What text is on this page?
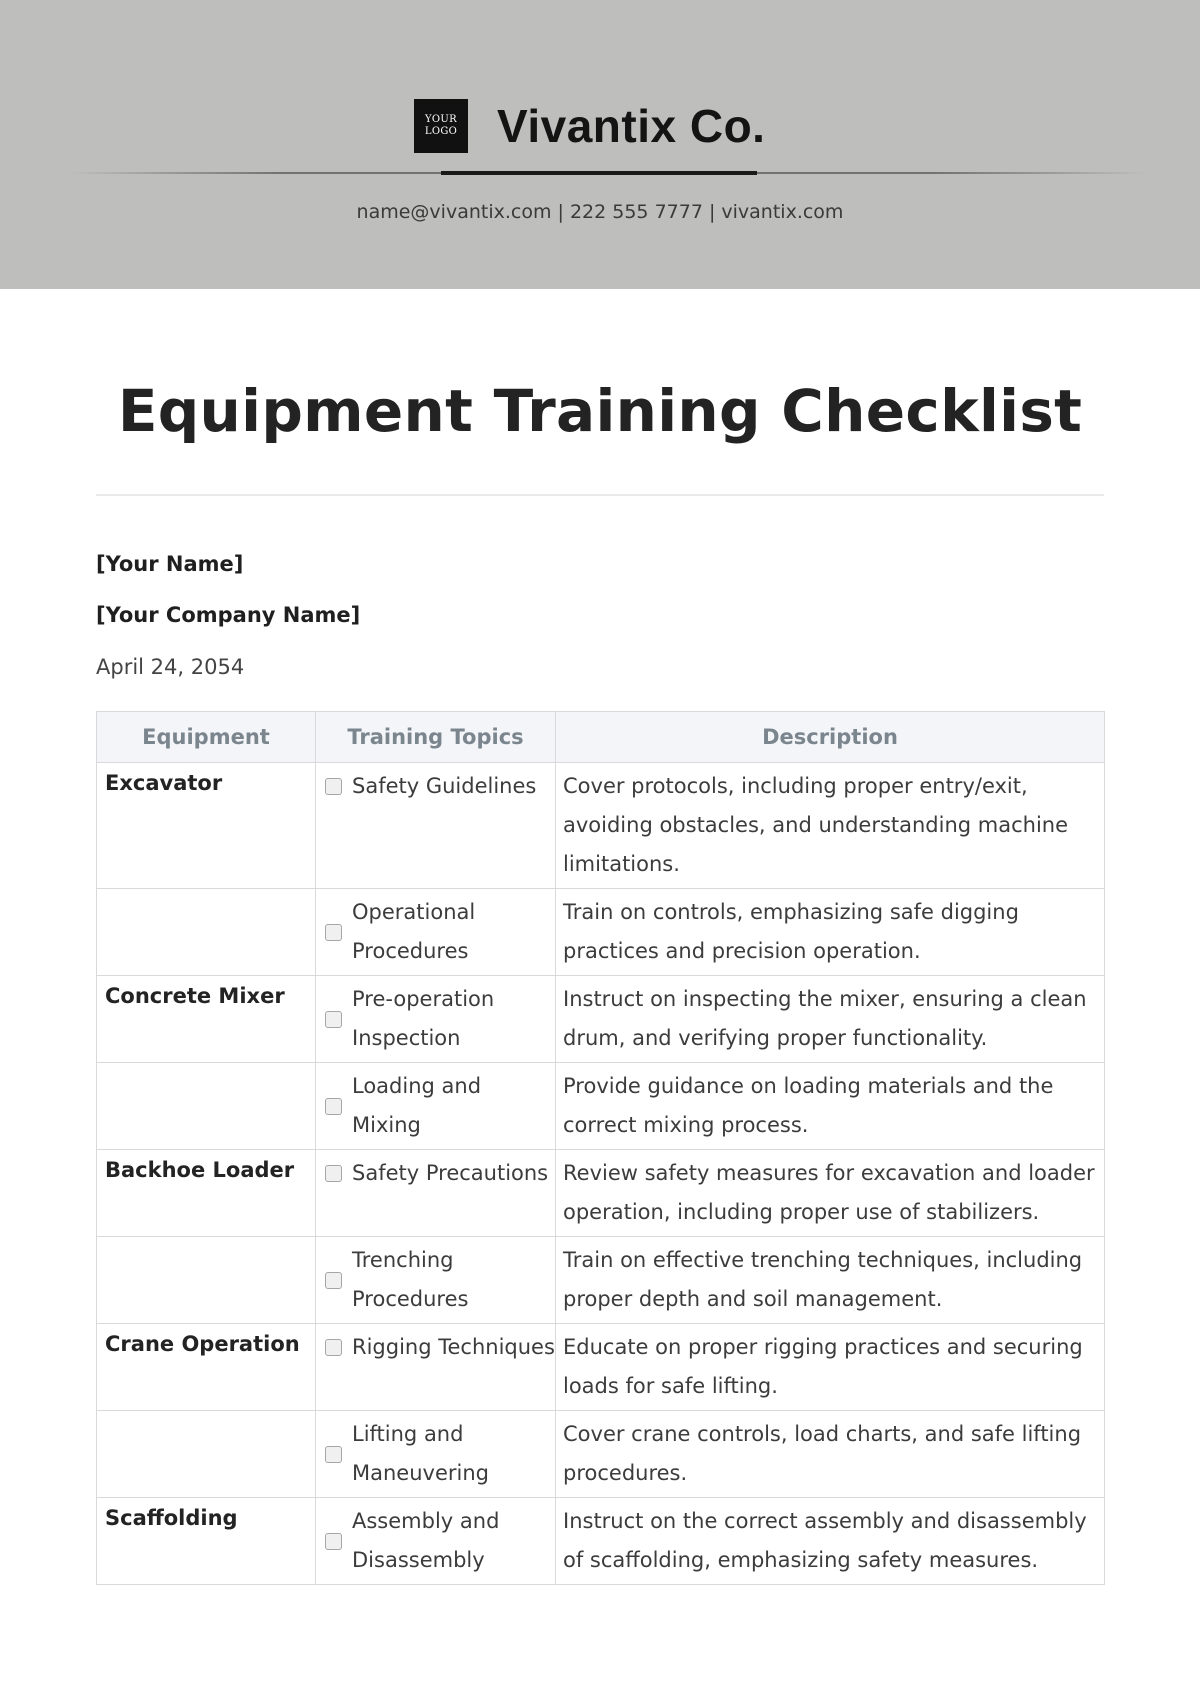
YOUR
LOGO Vivantix Co.
name@vivantix.com | 222 555 7777 | vivantix.com
Equipment Training Checklist
[Your Name]
[Your Company Name]
April 24, 2054
Equipment	Training Topics	Description
Excavator	Safety Guidelines	Cover protocols, including proper entry/exit, avoiding obstacles, and understanding machine limitations.

	Operational Procedures	Train on controls, emphasizing safe digging practices and precision operation.
Concrete Mixer	Pre-operation Inspection	Instruct on inspecting the mixer, ensuring a clean drum, and verifying proper functionality.

	Loading and Mixing	Provide guidance on loading materials and the correct mixing process.
Backhoe Loader	Safety Precautions	Review safety measures for excavation and loader operation, including proper use of stabilizers.

	Trenching Procedures	Train on effective trenching techniques, including proper depth and soil management.
Crane Operation	Rigging Techniques	Educate on proper rigging practices and securing loads for safe lifting.

	Lifting and Maneuvering	Cover crane controls, load charts, and safe lifting procedures.
Scaffolding	Assembly and Disassembly	Instruct on the correct assembly and disassembly of scaffolding, emphasizing safety measures.
